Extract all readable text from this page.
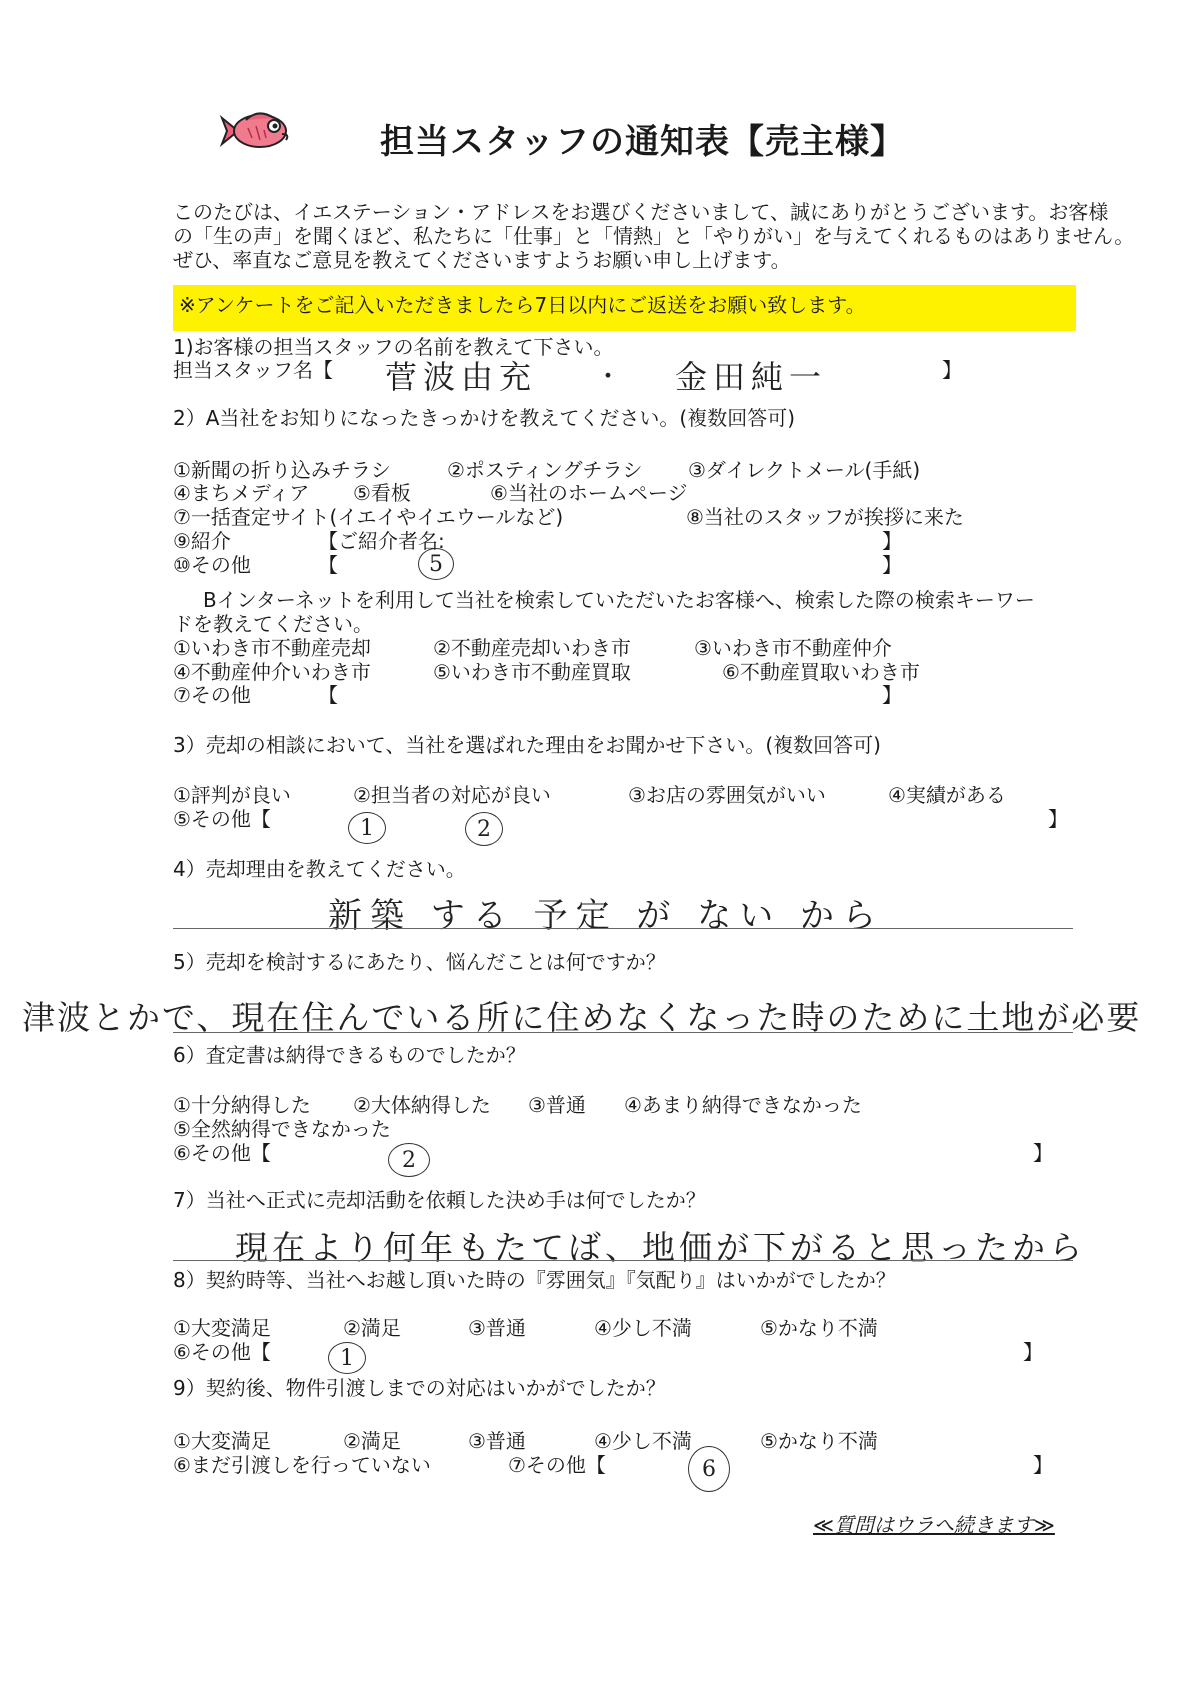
担当スタッフの通知表【売主様】
このたびは、イエステーション・アドレスをお選びくださいまして、誠にありがとうございます。お客様
の「生の声」を聞くほど、私たちに「仕事」と「情熱」と「やりがい」を与えてくれるものはありません。
ぜひ、率直なご意見を教えてくださいますようお願い申し上げます。
※アンケートをご記入いただきましたら7日以内にご返送をお願い致します。
1)お客様の担当スタッフの名前を教えて下さい。
担当スタッフ名【 菅波由充 ・ 金田純一	】
2）A当社をお知りになったきっかけを教えてください。(複数回答可)
①新聞の折り込みチラシ	②ポスティングチラシ ③ダイレクトメール(手紙)
④まちメディア ⑤看板	⑥当社のホームページ
⑦一括査定サイト(イエイやイエウールなど)	⑧当社のスタッフが挨拶に来た
⑨紹介	【ご紹介者名:	】
⑩その他	【	】
5
Bインターネットを利用して当社を検索していただいたお客様へ、検索した際の検索キーワー
ドを教えてください。
①いわき市不動産売却	②不動産売却いわき市	③いわき市不動産仲介
④不動産仲介いわき市	⑤いわき市不動産買取	⑥不動産買取いわき市
⑦その他	【	】
3）売却の相談において、当社を選ばれた理由をお聞かせ下さい。(複数回答可)
①評判が良い	②担当者の対応が良い	③お店の雰囲気がいい	④実績がある
⑤その他【	】
1	2
4）売却理由を教えてください。
新築 する 予定 が ない から
5）売却を検討するにあたり、悩んだことは何ですか？
津波とかで、現在住んでいる所に住めなくなった時のために土地が必要
6）査定書は納得できるものでしたか？
①十分納得した ②大体納得した ③普通 ④あまり納得できなかった
⑤全然納得できなかった
⑥その他【	】
2
7）当社へ正式に売却活動を依頼した決め手は何でしたか？
現在より何年もたてば、地価が下がると思ったから
8）契約時等、当社へお越し頂いた時の『雰囲気』『気配り』はいかがでしたか？
①大変満足	②満足	③普通	④少し不満	⑤かなり不満
⑥その他【	】
1
9）契約後、物件引渡しまでの対応はいかがでしたか？
①大変満足	②満足	③普通	④少し不満	⑤かなり不満
⑥まだ引渡しを行っていない	⑦その他【	】
6
≪質問はウラへ続きます≫
